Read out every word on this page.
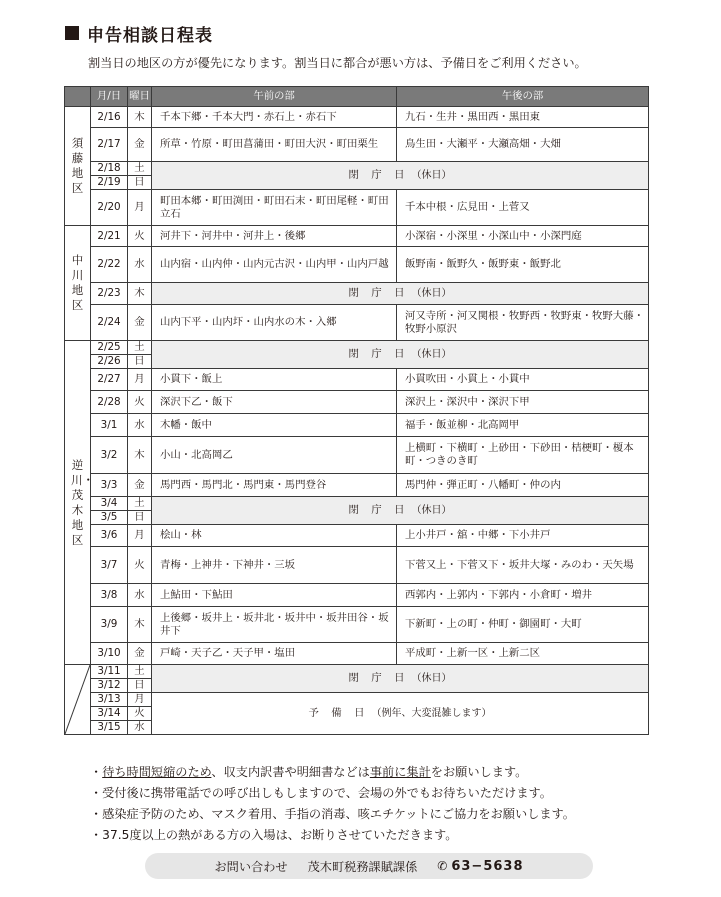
申告相談日程表
割当日の地区の方が優先になります。割当日に都合が悪い方は、予備日をご利用ください。
	月/日	曜日	午前の部	午後の部
須藤地区	2/16	木	千本下郷・千本大門・赤石上・赤石下	九石・生井・黒田西・黒田東
	2/17	金	所草・竹原・町田菖蒲田・町田大沢・町田栗生	鳥生田・大瀬平・大瀬高畑・大畑
	2/18	土	閉　庁　日 （休日）	
	2/19	日		
	2/20	月	町田本郷・町田渕田・町田石末・町田尾軽・町田立石	千本中根・広見田・上菅又

中川地区	2/21	火	河井下・河井中・河井上・後郷	小深宿・小深里・小深山中・小深門庭
	2/22	水	山内宿・山内仲・山内元古沢・山内甲・山内戸越	飯野南・飯野久・飯野東・飯野北
	2/23	木	閉　庁　日 （休日）	
	2/24	金	山内下平・山内圷・山内水の木・入郷	河又寺所・河又関根・牧野西・牧野東・牧野大藤・牧野小原沢
逆川・茂木地区	2/25	土	閉　庁　日 （休日）	
	2/26	日		
	2/27	月	小貫下・飯上	小貫吹田・小貫上・小貫中
	2/28	火	深沢下乙・飯下	深沢上・深沢中・深沢下甲
	3/1	水	木幡・飯中	福手・飯並柳・北高岡甲
	3/2	木	小山・北高岡乙	上横町・下横町・上砂田・下砂田・桔梗町・榎本町・つきのき町
	3/3	金	馬門西・馬門北・馬門東・馬門登谷	馬門仲・弾正町・八幡町・仲の内
	3/4	土	閉　庁　日 （休日）	
	3/5	日		
	3/6	月	桧山・林	上小井戸・舘・中郷・下小井戸
	3/7	火	青梅・上神井・下神井・三坂	下菅又上・下菅又下・坂井大塚・みのわ・天矢場
	3/8	水	上鮎田・下鮎田	西郭内・上郭内・下郭内・小倉町・増井
	3/9	木	上後郷・坂井上・坂井北・坂井中・坂井田谷・坂井下	下新町・上の町・仲町・御園町・大町
	3/10	金	戸崎・天子乙・天子甲・塩田	平成町・上新一区・上新二区

	3/11	土	閉　庁　日 （休日）	
	3/12	日		
	3/13	月	予　備　日 （例年、大変混雑します）	
	3/14	火		
	3/15	水		
・待ち時間短縮のため、収支内訳書や明細書などは事前に集計をお願いします。
・受付後に携帯電話での呼び出しもしますので、会場の外でもお待ちいただけます。
・感染症予防のため、マスク着用、手指の消毒、咳エチケットにご協力をお願いします。
・37.5度以上の熱がある方の入場は、お断りさせていただきます。
お問い合わせ 茂木町税務課賦課係 ✆ 63−5638
